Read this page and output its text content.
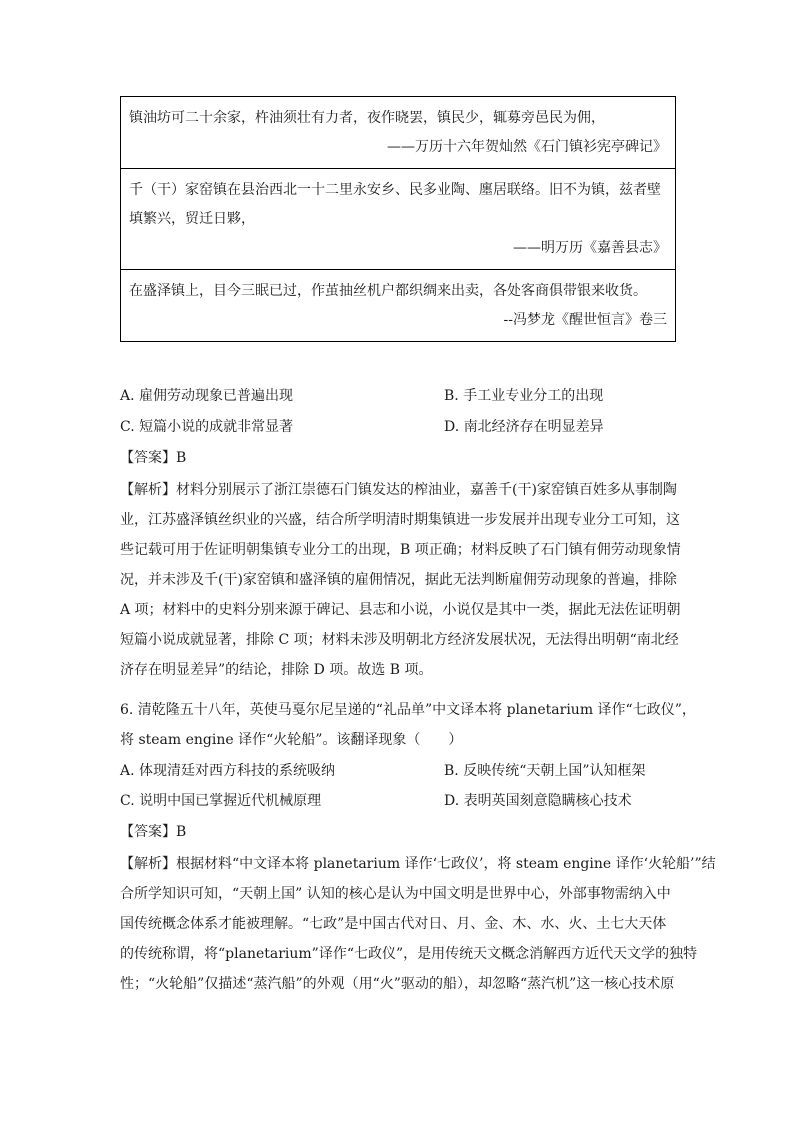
镇油坊可二十余家，杵油须壮有力者，夜作晓罢，镇民少，辄募旁邑民为佣，
——万历十六年贺灿然《石门镇衫宪亭碑记》
千（干）家窑镇在县治西北一十二里永安乡、民多业陶、廛居联络。旧不为镇，兹者壁
填繁兴，贸迁日夥，
——明万历《嘉善县志》
在盛泽镇上，目今三眠已过，作茧抽丝机户都织绸来出卖，各处客商俱带银来收货。
--冯梦龙《醒世恒言》卷三
A. 雇佣劳动现象已普遍出现	B. 手工业专业分工的出现
C. 短篇小说的成就非常显著	D. 南北经济存在明显差异
【答案】B
【解析】材料分别展示了浙江崇德石门镇发达的榨油业，嘉善千(干)家窑镇百姓多从事制陶
业，江苏盛泽镇丝织业的兴盛，结合所学明清时期集镇进一步发展并出现专业分工可知，这
些记载可用于佐证明朝集镇专业分工的出现，B 项正确；材料反映了石门镇有佣劳动现象情
况，并未涉及千(干)家窑镇和盛泽镇的雇佣情况，据此无法判断雇佣劳动现象的普遍，排除
A 项；材料中的史料分别来源于碑记、县志和小说，小说仅是其中一类，据此无法佐证明朝
短篇小说成就显著，排除 C 项；材料未涉及明朝北方经济发展状况，无法得出明朝“南北经
济存在明显差异”的结论，排除 D 项。故选 B 项。
6. 清乾隆五十八年，英使马戛尔尼呈递的“礼品单”中文译本将 planetarium 译作“七政仪”，
将 steam engine 译作“火轮船”。该翻译现象（　　）
A. 体现清廷对西方科技的系统吸纳	B. 反映传统“天朝上国”认知框架
C. 说明中国已掌握近代机械原理	D. 表明英国刻意隐瞒核心技术
【答案】B
【解析】根据材料“中文译本将 planetarium 译作‘七政仪’，将 steam engine 译作‘火轮船’”结
合所学知识可知，“天朝上国” 认知的核心是认为中国文明是世界中心，外部事物需纳入中
国传统概念体系才能被理解。“七政”是中国古代对日、月、金、木、水、火、土七大天体
的传统称谓，将“planetarium”译作“七政仪”，是用传统天文概念消解西方近代天文学的独特
性；“火轮船”仅描述“蒸汽船”的外观（用“火”驱动的船），却忽略“蒸汽机”这一核心技术原
